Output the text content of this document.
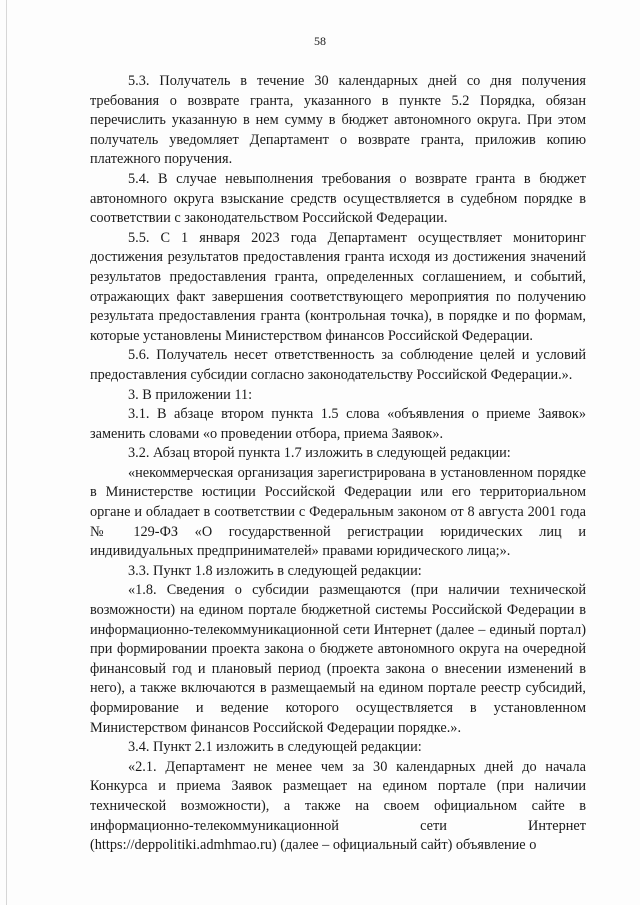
58

5.3. Получатель в течение 30 календарных дней со дня получения требования о возврате гранта, указанного в пункте 5.2 Порядка, обязан перечислить указанную в нем сумму в бюджет автономного округа. При этом получатель уведомляет Департамент о возврате гранта, приложив копию платежного поручения.

5.4. В случае невыполнения требования о возврате гранта в бюджет автономного округа взыскание средств осуществляется в судебном порядке в соответствии с законодательством Российской Федерации.

5.5. С 1 января 2023 года Департамент осуществляет мониторинг достижения результатов предоставления гранта исходя из достижения значений результатов предоставления гранта, определенных соглашением, и событий, отражающих факт завершения соответствующего мероприятия по получению результата предоставления гранта (контрольная точка), в порядке и по формам, которые установлены Министерством финансов Российской Федерации.

5.6. Получатель несет ответственность за соблюдение целей и условий предоставления субсидии согласно законодательству Российской Федерации.».

3. В приложении 11:

3.1. В абзаце втором пункта 1.5 слова «объявления о приеме Заявок» заменить словами «о проведении отбора, приема Заявок».

3.2. Абзац второй пункта 1.7 изложить в следующей редакции:

«некоммерческая организация зарегистрирована в установленном порядке в Министерстве юстиции Российской Федерации или его территориальном органе и обладает в соответствии с Федеральным законом от 8 августа 2001 года № 129-ФЗ «О государственной регистрации юридических лиц и индивидуальных предпринимателей» правами юридического лица;».

3.3. Пункт 1.8 изложить в следующей редакции:

«1.8. Сведения о субсидии размещаются (при наличии технической возможности) на едином портале бюджетной системы Российской Федерации в информационно-телекоммуникационной сети Интернет (далее – единый портал) при формировании проекта закона о бюджете автономного округа на очередной финансовый год и плановый период (проекта закона о внесении изменений в него), а также включаются в размещаемый на едином портале реестр субсидий, формирование и ведение которого осуществляется в установленном Министерством финансов Российской Федерации порядке.».

3.4. Пункт 2.1 изложить в следующей редакции:

«2.1. Департамент не менее чем за 30 календарных дней до начала Конкурса и приема Заявок размещает на едином портале (при наличии технической возможности), а также на своем официальном сайте в информационно-телекоммуникационной сети Интернет (https://deppolitiki.admhmao.ru) (далее – официальный сайт) объявление о
